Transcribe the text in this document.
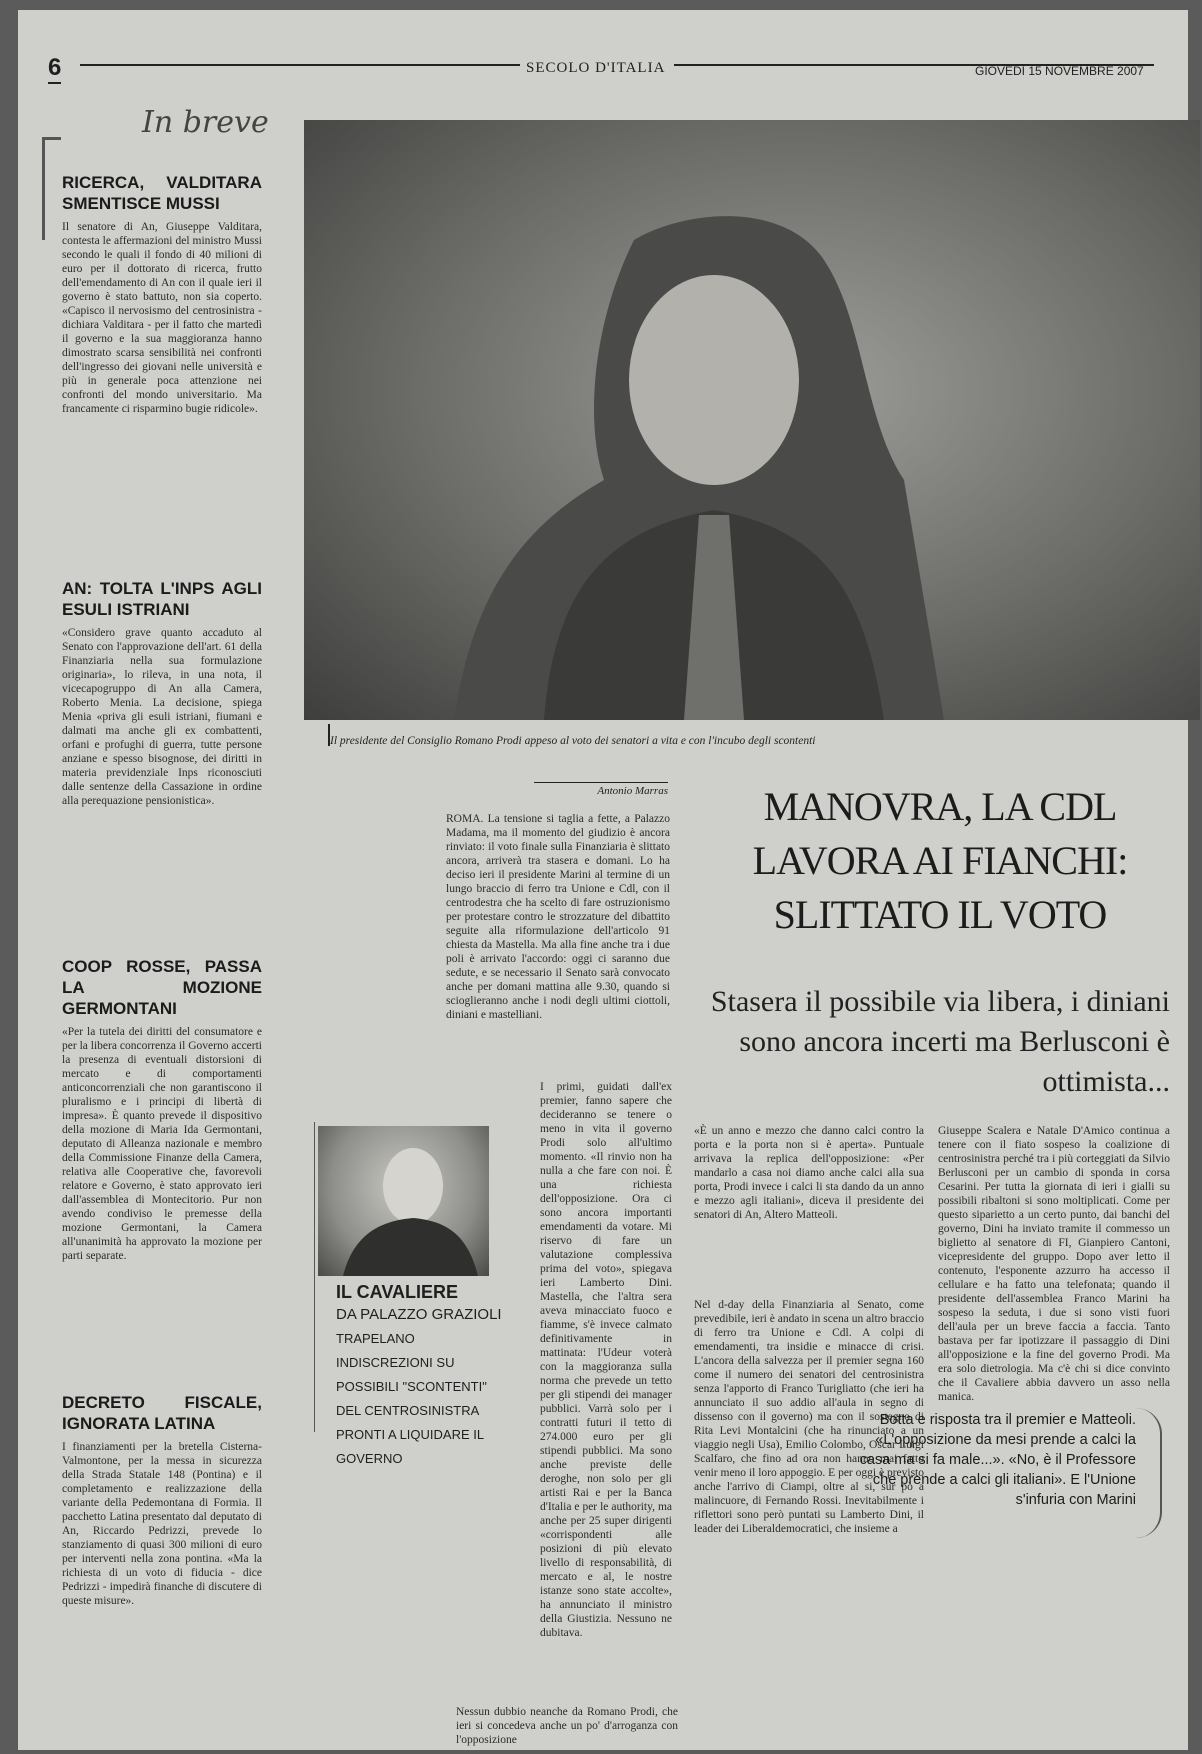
6	SECOLO D'ITALIA	GIOVEDÌ 15 NOVEMBRE 2007
In breve
RICERCA, VALDITARA SMENTISCE MUSSI
Il senatore di An, Giuseppe Valditara, contesta le affermazioni del ministro Mussi secondo le quali il fondo di 40 milioni di euro per il dottorato di ricerca, frutto dell'emendamento di An con il quale ieri il governo è stato battuto, non sia coperto. «Capisco il nervosismo del centrosinistra - dichiara Valditara - per il fatto che martedì il governo e la sua maggioranza hanno dimostrato scarsa sensibilità nei confronti dell'ingresso dei giovani nelle università e più in generale poca attenzione nei confronti del mondo universitario. Ma francamente ci risparmino bugie ridicole».
AN: TOLTA L'INPS AGLI ESULI ISTRIANI
«Considero grave quanto accaduto al Senato con l'approvazione dell'art. 61 della Finanziaria nella sua formulazione originaria», lo rileva, in una nota, il vicecapogruppo di An alla Camera, Roberto Menia. La decisione, spiega Menia «priva gli esuli istriani, fiumani e dalmati ma anche gli ex combattenti, orfani e profughi di guerra, tutte persone anziane e spesso bisognose, dei diritti in materia previdenziale Inps riconosciuti dalle sentenze della Cassazione in ordine alla perequazione pensionistica».
COOP ROSSE, PASSA LA MOZIONE GERMONTANI
«Per la tutela dei diritti del consumatore e per la libera concorrenza il Governo accerti la presenza di eventuali distorsioni di mercato e di comportamenti anticoncorrenziali che non garantiscono il pluralismo e i principi di libertà di impresa». È quanto prevede il dispositivo della mozione di Maria Ida Germontani, deputato di Alleanza nazionale e membro della Commissione Finanze della Camera, relativa alle Cooperative che, favorevoli relatore e Governo, è stato approvato ieri dall'assemblea di Montecitorio. Pur non avendo condiviso le premesse della mozione Germontani, la Camera all'unanimità ha approvato la mozione per parti separate.
DECRETO FISCALE, IGNORATA LATINA
I finanziamenti per la bretella Cisterna-Valmontone, per la messa in sicurezza della Strada Statale 148 (Pontina) e il completamento e realizzazione della variante della Pedemontana di Formia. Il pacchetto Latina presentato dal deputato di An, Riccardo Pedrizzi, prevede lo stanziamento di quasi 300 milioni di euro per interventi nella zona pontina. «Ma la richiesta di un voto di fiducia - dice Pedrizzi - impedirà finanche di discutere di queste misure».
Il presidente del Consiglio Romano Prodi appeso al voto dei senatori a vita e con l'incubo degli scontenti
Antonio Marras	MANOVRA, LA CDL LAVORA AI FIANCHI: SLITTATO IL VOTO
Stasera il possibile via libera, i diniani sono ancora incerti ma Berlusconi è ottimista...
ROMA. La tensione si taglia a fette, a Palazzo Madama, ma il momento del giudizio è ancora rinviato: il voto finale sulla Finanziaria è slittato ancora, arriverà tra stasera e domani. Lo ha deciso ieri il presidente Marini al termine di un lungo braccio di ferro tra Unione e Cdl, con il centrodestra che ha scelto di fare ostruzionismo per protestare contro le strozzature del dibattito seguite alla riformulazione dell'articolo 91 chiesta da Mastella. Ma alla fine anche tra i due poli è arrivato l'accordo: oggi ci saranno due sedute, e se necessario il Senato sarà convocato anche per domani mattina alle 9.30, quando si scioglieranno anche i nodi degli ultimi ciottoli, diniani e mastelliani.
I primi, guidati dall'ex premier, fanno sapere che decideranno se tenere o meno in vita il governo Prodi solo all'ultimo momento. «Il rinvio non ha nulla a che fare con noi. È una richiesta dell'opposizione. Ora ci sono ancora importanti emendamenti da votare. Mi riservo di fare un valutazione complessiva prima del voto», spiegava ieri Lamberto Dini. Mastella, che l'altra sera aveva minacciato fuoco e fiamme, s'è invece calmato definitivamente in mattinata: l'Udeur voterà con la maggioranza sulla norma che prevede un tetto per gli stipendi dei manager pubblici. Varrà solo per i contratti futuri il tetto di 274.000 euro per gli stipendi pubblici. Ma sono anche previste delle deroghe, non solo per gli artisti Rai e per la Banca d'Italia e per le authority, ma anche per 25 super dirigenti «corrispondenti alle posizioni di più elevato livello di responsabilità, di mercato e al, le nostre istanze sono state accolte», ha annunciato il ministro della Giustizia. Nessuno ne dubitava.
Nessun dubbio neanche da Romano Prodi, che ieri si concedeva anche un po' d'arroganza con l'opposizione
«È un anno e mezzo che danno calci contro la porta e la porta non si è aperta». Puntuale arrivava la replica dell'opposizione: «Per mandarlo a casa noi diamo anche calci alla sua porta, Prodi invece i calci li sta dando da un anno e mezzo agli italiani», diceva il presidente dei senatori di An, Altero Matteoli.
Nel d-day della Finanziaria al Senato, come prevedibile, ieri è andato in scena un altro braccio di ferro tra Unione e Cdl. A colpi di emendamenti, tra insidie e minacce di crisi. L'ancora della salvezza per il premier segna 160 come il numero dei senatori del centrosinistra senza l'apporto di Franco Turigliatto (che ieri ha annunciato il suo addio all'aula in segno di dissenso con il governo) ma con il sostegno di Rita Levi Montalcini (che ha rinunciato a un viaggio negli Usa), Emilio Colombo, Oscar Luigi Scalfaro, che fino ad ora non hanno mai fatto venir meno il loro appoggio. E per oggi è previsto anche l'arrivo di Ciampi, oltre al si, sur pò a malincuore, di Fernando Rossi. Inevitabilmente i riflettori sono però puntati su Lamberto Dini, il leader dei Liberaldemocratici, che insieme a
Giuseppe Scalera e Natale D'Amico continua a tenere con il fiato sospeso la coalizione di centrosinistra perché tra i più corteggiati da Silvio Berlusconi per un cambio di sponda in corsa Cesarini. Per tutta la giornata di ieri i gialli su possibili ribaltoni si sono moltiplicati. Come per questo siparietto a un certo punto, dai banchi del governo, Dini ha inviato tramite il commesso un biglietto al senatore di FI, Gianpiero Cantoni, vicepresidente del gruppo. Dopo aver letto il contenuto, l'esponente azzurro ha accesso il cellulare e ha fatto una telefonata; quando il presidente dell'assemblea Franco Marini ha sospeso la seduta, i due si sono visti fuori dell'aula per un breve faccia a faccia. Tanto bastava per far ipotizzare il passaggio di Dini all'opposizione e la fine del governo Prodi. Ma era solo dietrologia. Ma c'è chi si dice convinto che il Cavaliere abbia davvero un asso nella manica.
IL CAVALIERE
DA PALAZZO GRAZIOLI
TRAPELANO INDISCREZIONI SU POSSIBILI "SCONTENTI" DEL CENTROSINISTRA PRONTI A LIQUIDARE IL GOVERNO
Botta e risposta tra il premier e Matteoli. «L'opposizione da mesi prende a calci la casa ma si fa male...». «No, è il Professore che prende a calci gli italiani». E l'Unione s'infuria con Marini
